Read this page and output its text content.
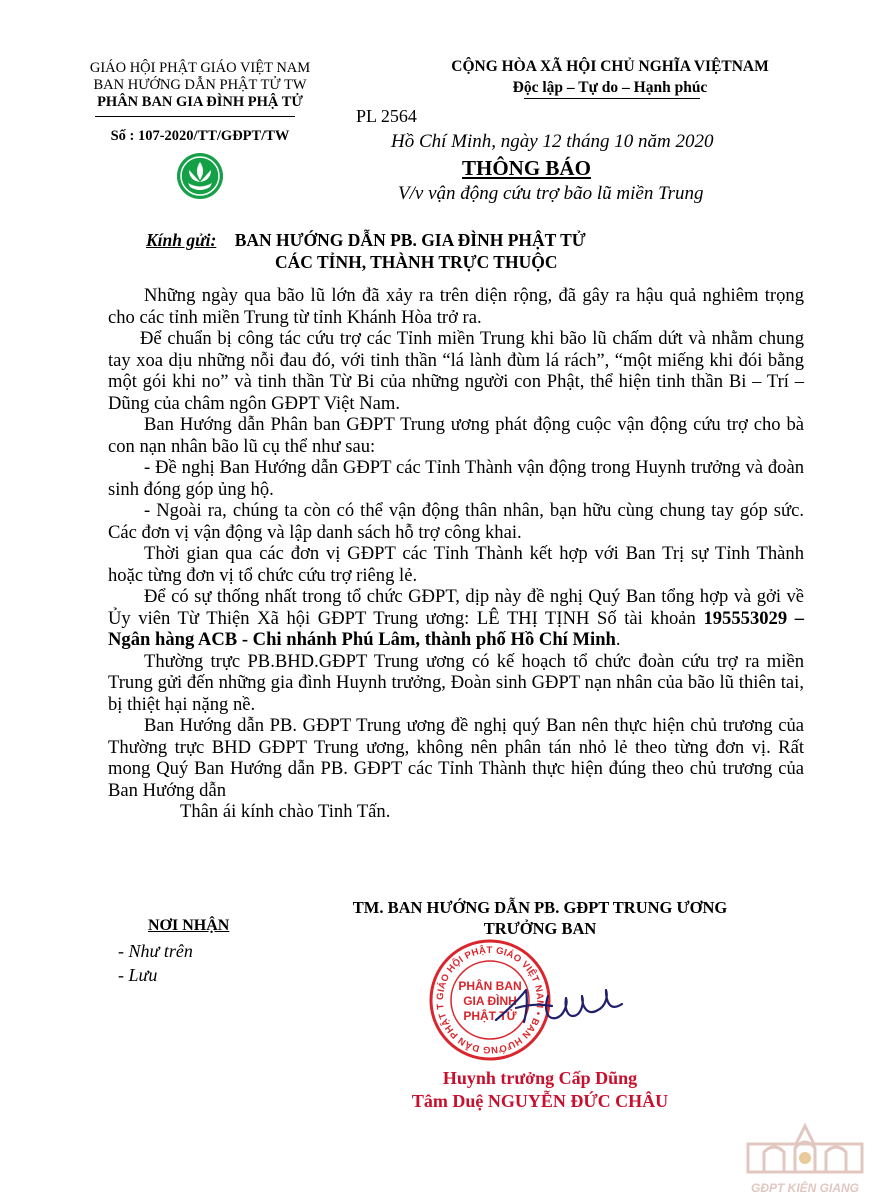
GIÁO HỘI PHẬT GIÁO VIỆT NAM
BAN HƯỚNG DẪN PHẬT TỬ TW
PHÂN BAN GIA ĐÌNH PHẬ TỬ
Số : 107-2020/TT/GĐPT/TW
CỘNG HÒA XÃ HỘI CHỦ NGHĨA VIỆTNAM
Độc lập – Tự do – Hạnh phúc
PL 2564
Hồ Chí Minh, ngày 12 tháng 10 năm 2020
THÔNG BÁO
V/v vận động cứu trợ bão lũ miền Trung
Kính gửi: BAN HƯỚNG DẪN PB. GIA ĐÌNH PHẬT TỬ
CÁC TỈNH, THÀNH TRỰC THUỘC

Những ngày qua bão lũ lớn đã xảy ra trên diện rộng, đã gây ra hậu quả nghiêm trọng cho các tỉnh miền Trung từ tỉnh Khánh Hòa trở ra.

Để chuẩn bị công tác cứu trợ các Tỉnh miền Trung khi bão lũ chấm dứt và nhằm chung tay xoa dịu những nỗi đau đó, với tinh thần “lá lành đùm lá rách”, “một miếng khi đói bằng một gói khi no” và tinh thần Từ Bi của những người con Phật, thể hiện tinh thần Bi – Trí – Dũng của châm ngôn GĐPT Việt Nam.

Ban Hướng dẫn Phân ban GĐPT Trung ương phát động cuộc vận động cứu trợ cho bà con nạn nhân bão lũ cụ thể như sau:

- Đề nghị Ban Hướng dẫn GĐPT các Tỉnh Thành vận động trong Huynh trưởng và đoàn sinh đóng góp ủng hộ.

- Ngoài ra, chúng ta còn có thể vận động thân nhân, bạn hữu cùng chung tay góp sức. Các đơn vị vận động và lập danh sách hỗ trợ công khai.

Thời gian qua các đơn vị GĐPT các Tỉnh Thành kết hợp với Ban Trị sự Tỉnh Thành hoặc từng đơn vị tổ chức cứu trợ riêng lẻ.

Để có sự thống nhất trong tổ chức GĐPT, dịp này đề nghị Quý Ban tổng hợp và gởi về Ủy viên Từ Thiện Xã hội GĐPT Trung ương: LÊ THỊ TỊNH Số tài khoản 195553029 – Ngân hàng ACB - Chi nhánh Phú Lâm, thành phố Hồ Chí Minh.

Thường trực PB.BHD.GĐPT Trung ương có kế hoạch tổ chức đoàn cứu trợ ra miền Trung gửi đến những gia đình Huynh trưởng, Đoàn sinh GĐPT nạn nhân của bão lũ thiên tai, bị thiệt hại nặng nề.

Ban Hướng dẫn PB. GĐPT Trung ương đề nghị quý Ban nên thực hiện chủ trương của Thường trực BHD GĐPT Trung ương, không nên phân tán nhỏ lẻ theo từng đơn vị. Rất mong Quý Ban Hướng dẫn PB. GĐPT các Tỉnh Thành thực hiện đúng theo chủ trương của Ban Hướng dẫn

Thân ái kính chào Tinh Tấn.

TM. BAN HƯỚNG DẪN PB. GĐPT TRUNG ƯƠNG
TRƯỞNG BAN
NƠI NHẬN
- Như trên
- Lưu
GIÁO HỘI PHẬT GIÁO VIỆT NAM • BAN HƯỚNG DẪN PHẬT T
PHÂN BAN
GIA ĐÌNH
PHẬT TỬ
Huynh trưởng Cấp Dũng
Tâm Duệ NGUYỄN ĐỨC CHÂU
GĐPT KIÊN GIANG
